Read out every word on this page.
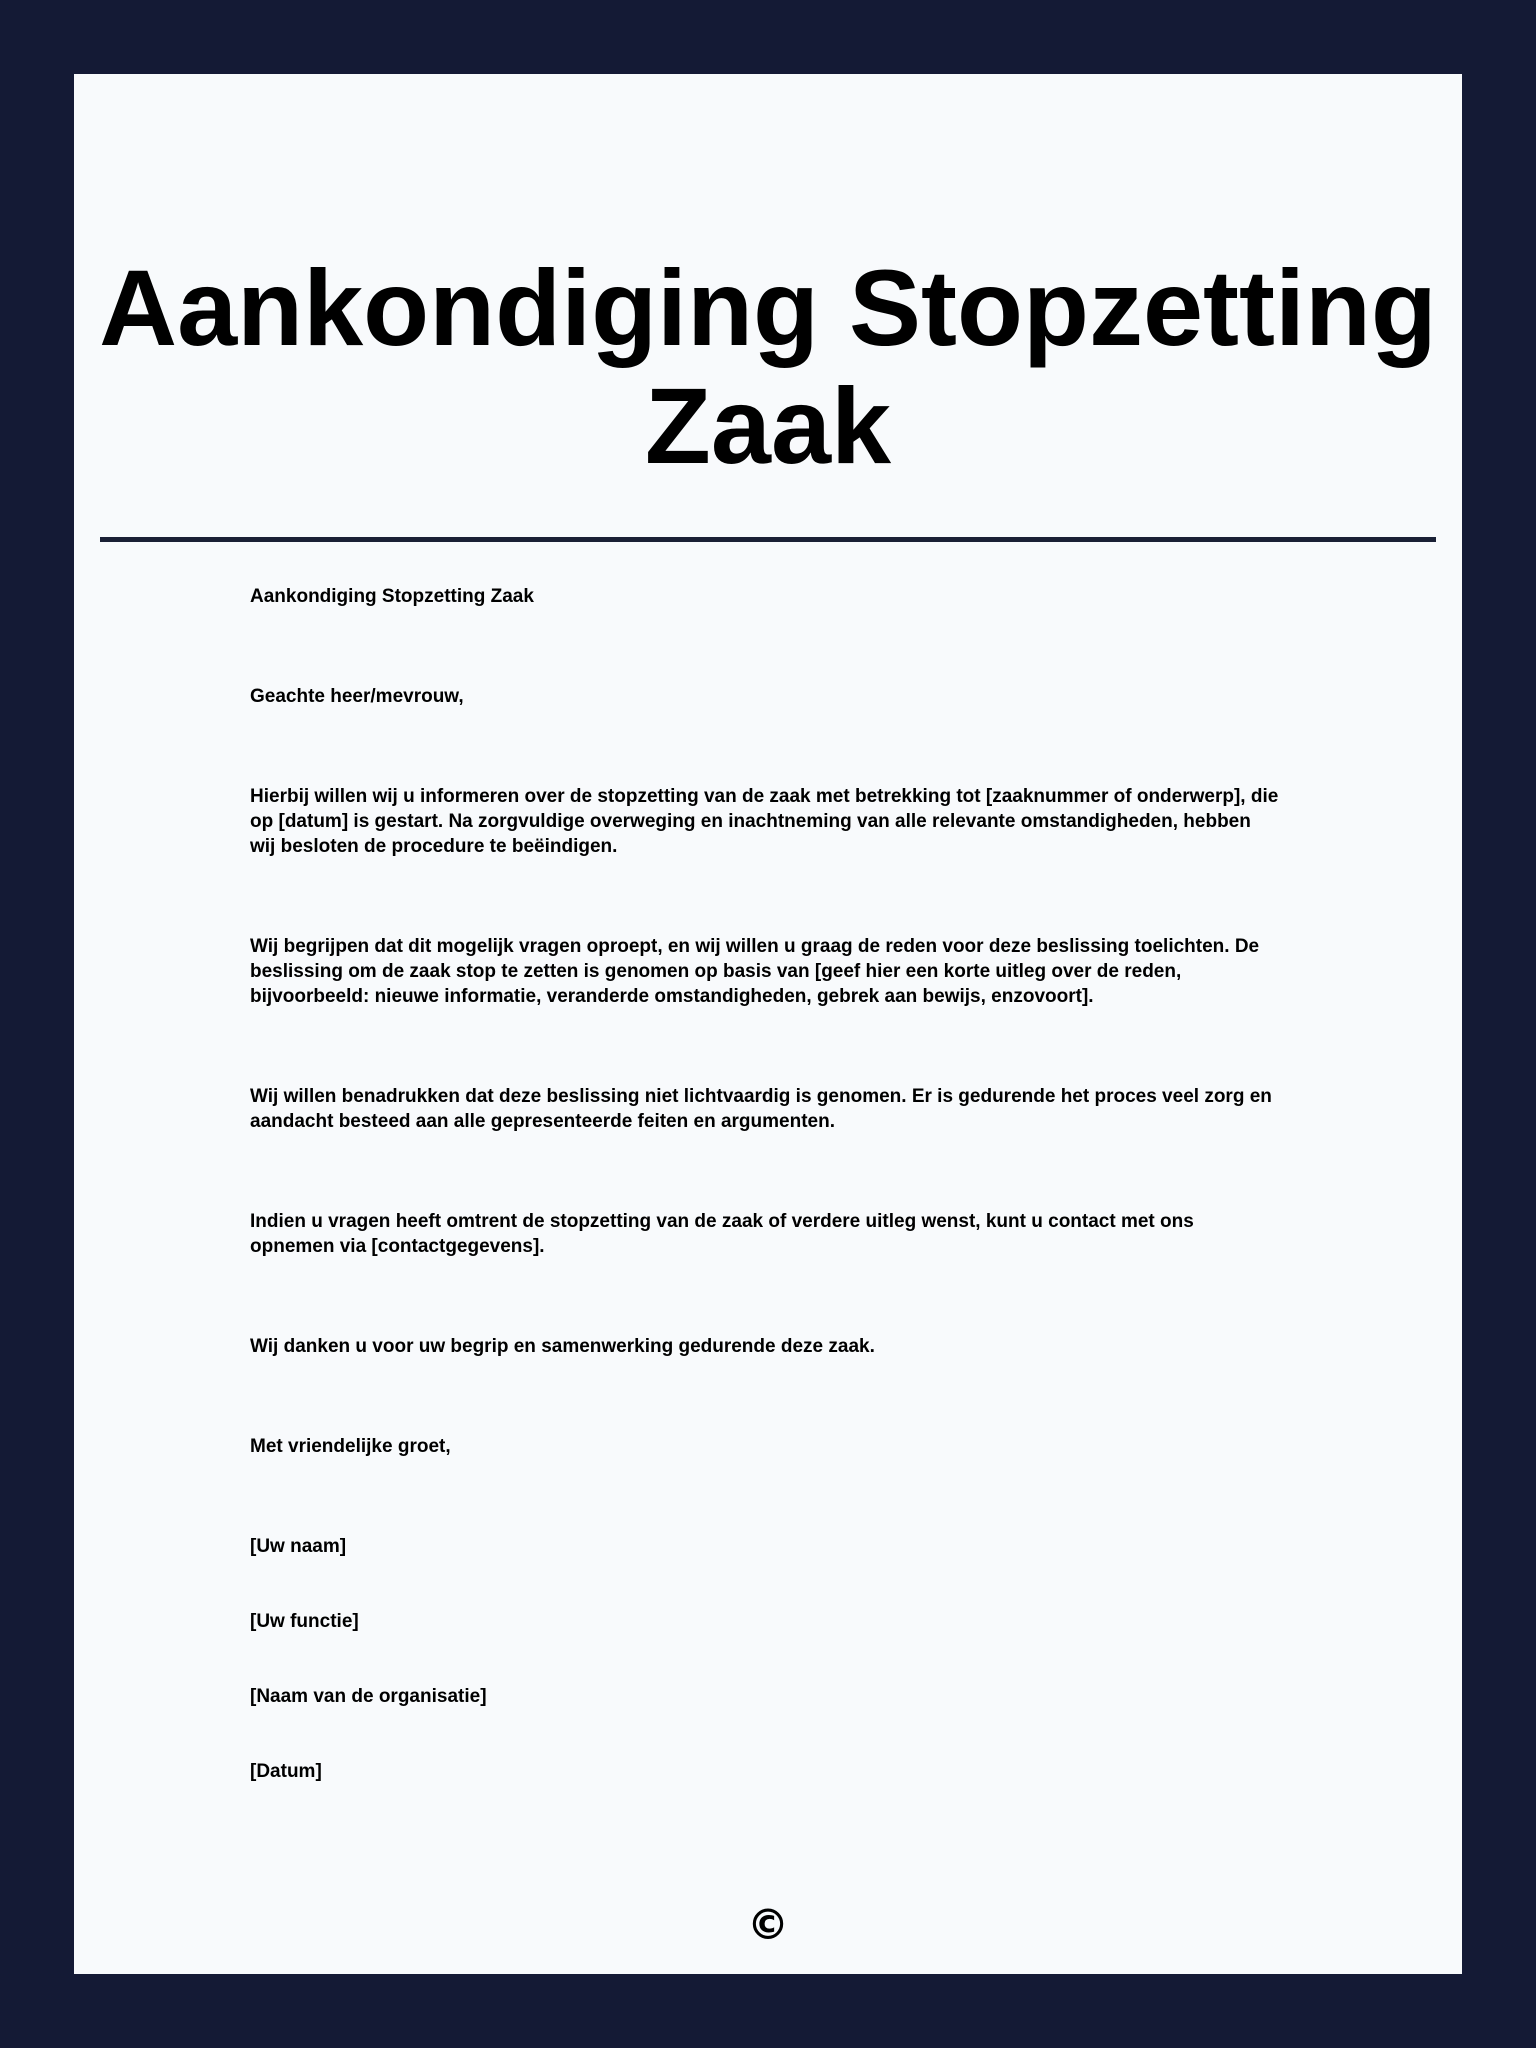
Aankondiging Stopzetting Zaak

Aankondiging Stopzetting Zaak

Geachte heer/mevrouw,

Hierbij willen wij u informeren over de stopzetting van de zaak met betrekking tot [zaaknummer of onderwerp], die op [datum] is gestart. Na zorgvuldige overweging en inachtneming van alle relevante omstandigheden, hebben wij besloten de procedure te beëindigen.

Wij begrijpen dat dit mogelijk vragen oproept, en wij willen u graag de reden voor deze beslissing toelichten. De beslissing om de zaak stop te zetten is genomen op basis van [geef hier een korte uitleg over de reden, bijvoorbeeld: nieuwe informatie, veranderde omstandigheden, gebrek aan bewijs, enzovoort].

Wij willen benadrukken dat deze beslissing niet lichtvaardig is genomen. Er is gedurende het proces veel zorg en aandacht besteed aan alle gepresenteerde feiten en argumenten.

Indien u vragen heeft omtrent de stopzetting van de zaak of verdere uitleg wenst, kunt u contact met ons opnemen via [contactgegevens].

Wij danken u voor uw begrip en samenwerking gedurende deze zaak.

Met vriendelijke groet,

[Uw naam]

[Uw functie]

[Naam van de organisatie]

[Datum]

©
